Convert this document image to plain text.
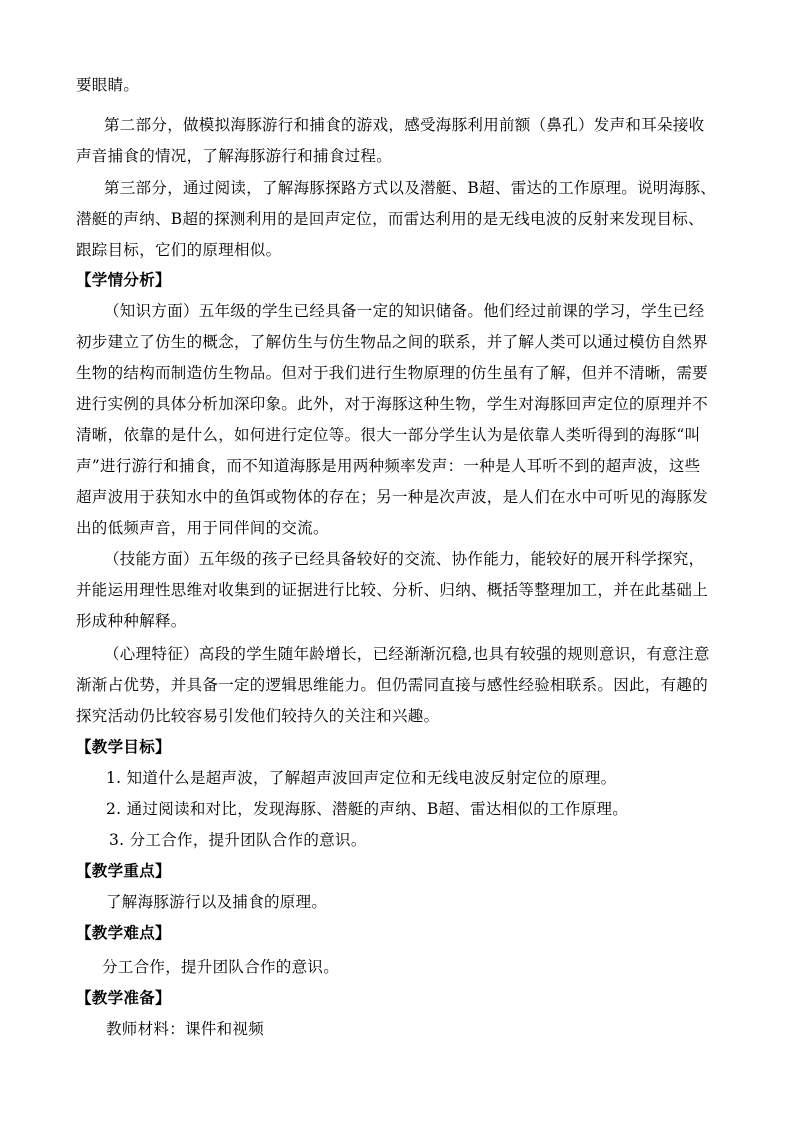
要眼睛。
第二部分，做模拟海豚游行和捕食的游戏，感受海豚利用前额（鼻孔）发声和耳朵接收
声音捕食的情况，了解海豚游行和捕食过程。
第三部分，通过阅读，了解海豚探路方式以及潜艇、B超、雷达的工作原理。说明海豚、
潜艇的声纳、B超的探测利用的是回声定位，而雷达利用的是无线电波的反射来发现目标、
跟踪目标，它们的原理相似。
【学情分析】
（知识方面）五年级的学生已经具备一定的知识储备。他们经过前课的学习，学生已经
初步建立了仿生的概念，了解仿生与仿生物品之间的联系，并了解人类可以通过模仿自然界
生物的结构而制造仿生物品。但对于我们进行生物原理的仿生虽有了解，但并不清晰，需要
进行实例的具体分析加深印象。此外，对于海豚这种生物，学生对海豚回声定位的原理并不
清晰，依靠的是什么，如何进行定位等。很大一部分学生认为是依靠人类听得到的海豚“叫
声”进行游行和捕食，而不知道海豚是用两种频率发声：一种是人耳听不到的超声波，这些
超声波用于获知水中的鱼饵或物体的存在；另一种是次声波，是人们在水中可听见的海豚发
出的低频声音，用于同伴间的交流。
（技能方面）五年级的孩子已经具备较好的交流、协作能力，能较好的展开科学探究，
并能运用理性思维对收集到的证据进行比较、分析、归纳、概括等整理加工，并在此基础上
形成种种解释。
（心理特征）高段的学生随年龄增长，已经渐渐沉稳,也具有较强的规则意识，有意注意
渐渐占优势，并具备一定的逻辑思维能力。但仍需同直接与感性经验相联系。因此，有趣的
探究活动仍比较容易引发他们较持久的关注和兴趣。
【教学目标】
1. 知道什么是超声波，了解超声波回声定位和无线电波反射定位的原理。
2. 通过阅读和对比，发现海豚、潜艇的声纳、B超、雷达相似的工作原理。
3. 分工合作，提升团队合作的意识。
【教学重点】
了解海豚游行以及捕食的原理。
【教学难点】
分工合作，提升团队合作的意识。
【教学准备】
教师材料：课件和视频
